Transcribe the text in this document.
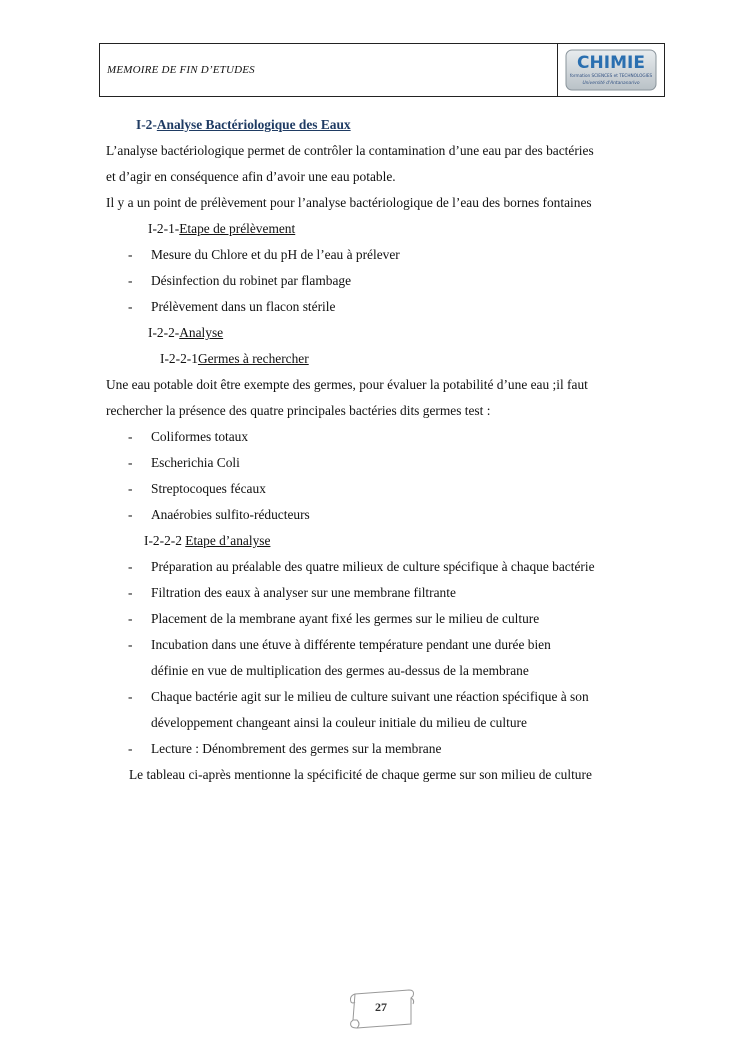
MEMOIRE DE FIN D’ETUDES	CHIMIE
formation SCIENCES et TECHNOLOGIES
Université d'Antananarivo
I-2-Analyse Bactériologique des Eaux
L’analyse bactériologique permet de contrôler la contamination d’une eau par des bactéries
et d’agir en conséquence afin d’avoir une eau potable.
Il y a un point de prélèvement pour l’analyse bactériologique de l’eau des bornes fontaines
I-2-1-Etape de prélèvement
- Mesure du Chlore et du pH de l’eau à prélever
- Désinfection du robinet par flambage
- Prélèvement dans un flacon stérile
I-2-2-Analyse
I-2-2-1Germes à rechercher
Une eau potable doit être exempte des germes, pour évaluer la potabilité d’une eau ;il faut
rechercher la présence des quatre principales bactéries dits germes test :
- Coliformes totaux
- Escherichia Coli
- Streptocoques fécaux
- Anaérobies sulfito-réducteurs
I-2-2-2 Etape d’analyse
- Préparation au préalable des quatre milieux de culture spécifique à chaque bactérie
- Filtration des eaux à analyser sur une membrane filtrante
- Placement de la membrane ayant fixé les germes sur le milieu de culture
- Incubation dans une étuve à différente température pendant une durée bien
définie en vue de multiplication des germes au-dessus de la membrane
- Chaque bactérie agit sur le milieu de culture suivant une réaction spécifique à son
développement changeant ainsi la couleur initiale du milieu de culture
- Lecture : Dénombrement des germes sur la membrane
Le tableau ci-après mentionne la spécificité de chaque germe sur son milieu de culture
27
